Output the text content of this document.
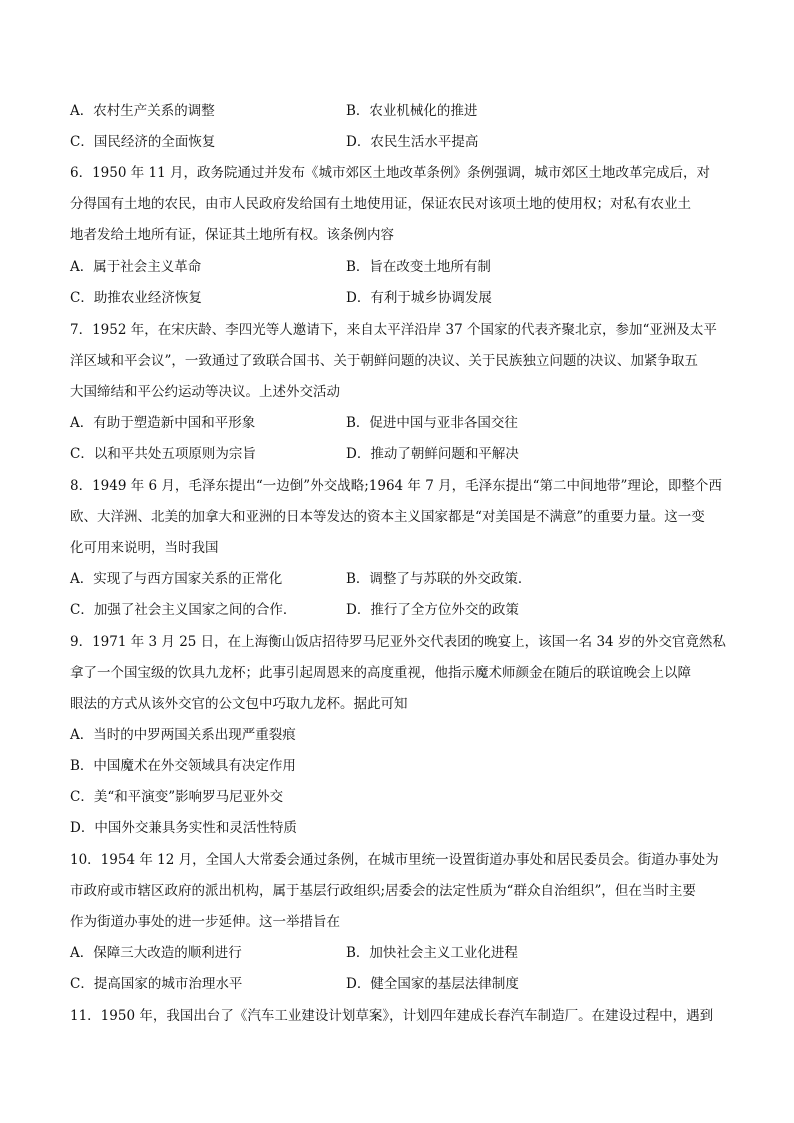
A．农村生产关系的调整	B．农业机械化的推进
C．国民经济的全面恢复	D．农民生活水平提高
6．1950 年 11 月，政务院通过并发布《城市郊区土地改革条例》条例强调，城市郊区土地改革完成后，对
分得国有土地的农民，由市人民政府发给国有土地使用证，保证农民对该项土地的使用权；对私有农业土
地者发给土地所有证，保证其土地所有权。该条例内容
A．属于社会主义革命	B．旨在改变土地所有制
C．助推农业经济恢复	D．有利于城乡协调发展
7．1952 年，在宋庆龄、李四光等人邀请下，来自太平洋沿岸 37 个国家的代表齐聚北京，参加“亚洲及太平
洋区域和平会议”，一致通过了致联合国书、关于朝鲜问题的决议、关于民族独立问题的决议、加紧争取五
大国缔结和平公约运动等决议。上述外交活动
A．有助于塑造新中国和平形象	B．促进中国与亚非各国交往
C．以和平共处五项原则为宗旨	D．推动了朝鲜问题和平解决
8．1949 年 6 月，毛泽东提出“一边倒”外交战略;1964 年 7 月，毛泽东提出“第二中间地带”理论，即整个西
欧、大洋洲、北美的加拿大和亚洲的日本等发达的资本主义国家都是“对美国是不满意”的重要力量。这一变
化可用来说明，当时我国
A．实现了与西方国家关系的正常化	B．调整了与苏联的外交政策．
C．加强了社会主义国家之间的合作．	D．推行了全方位外交的政策
9．1971 年 3 月 25 日，在上海衡山饭店招待罗马尼亚外交代表团的晚宴上，该国一名 34 岁的外交官竟然私
拿了一个国宝级的饮具九龙杯；此事引起周恩来的高度重视，他指示魔术师颜金在随后的联谊晚会上以障
眼法的方式从该外交官的公文包中巧取九龙杯。据此可知
A．当时的中罗两国关系出现严重裂痕
B．中国魔术在外交领域具有决定作用
C．美“和平演变”影响罗马尼亚外交
D．中国外交兼具务实性和灵活性特质
10．1954 年 12 月，全国人大常委会通过条例，在城市里统一设置街道办事处和居民委员会。街道办事处为
市政府或市辖区政府的派出机构，属于基层行政组织;居委会的法定性质为“群众自治组织”，但在当时主要
作为街道办事处的进一步延伸。这一举措旨在
A．保障三大改造的顺利进行	B．加快社会主义工业化进程
C．提高国家的城市治理水平	D．健全国家的基层法律制度
11．1950 年，我国出台了《汽车工业建设计划草案》，计划四年建成长春汽车制造厂。在建设过程中，遇到
